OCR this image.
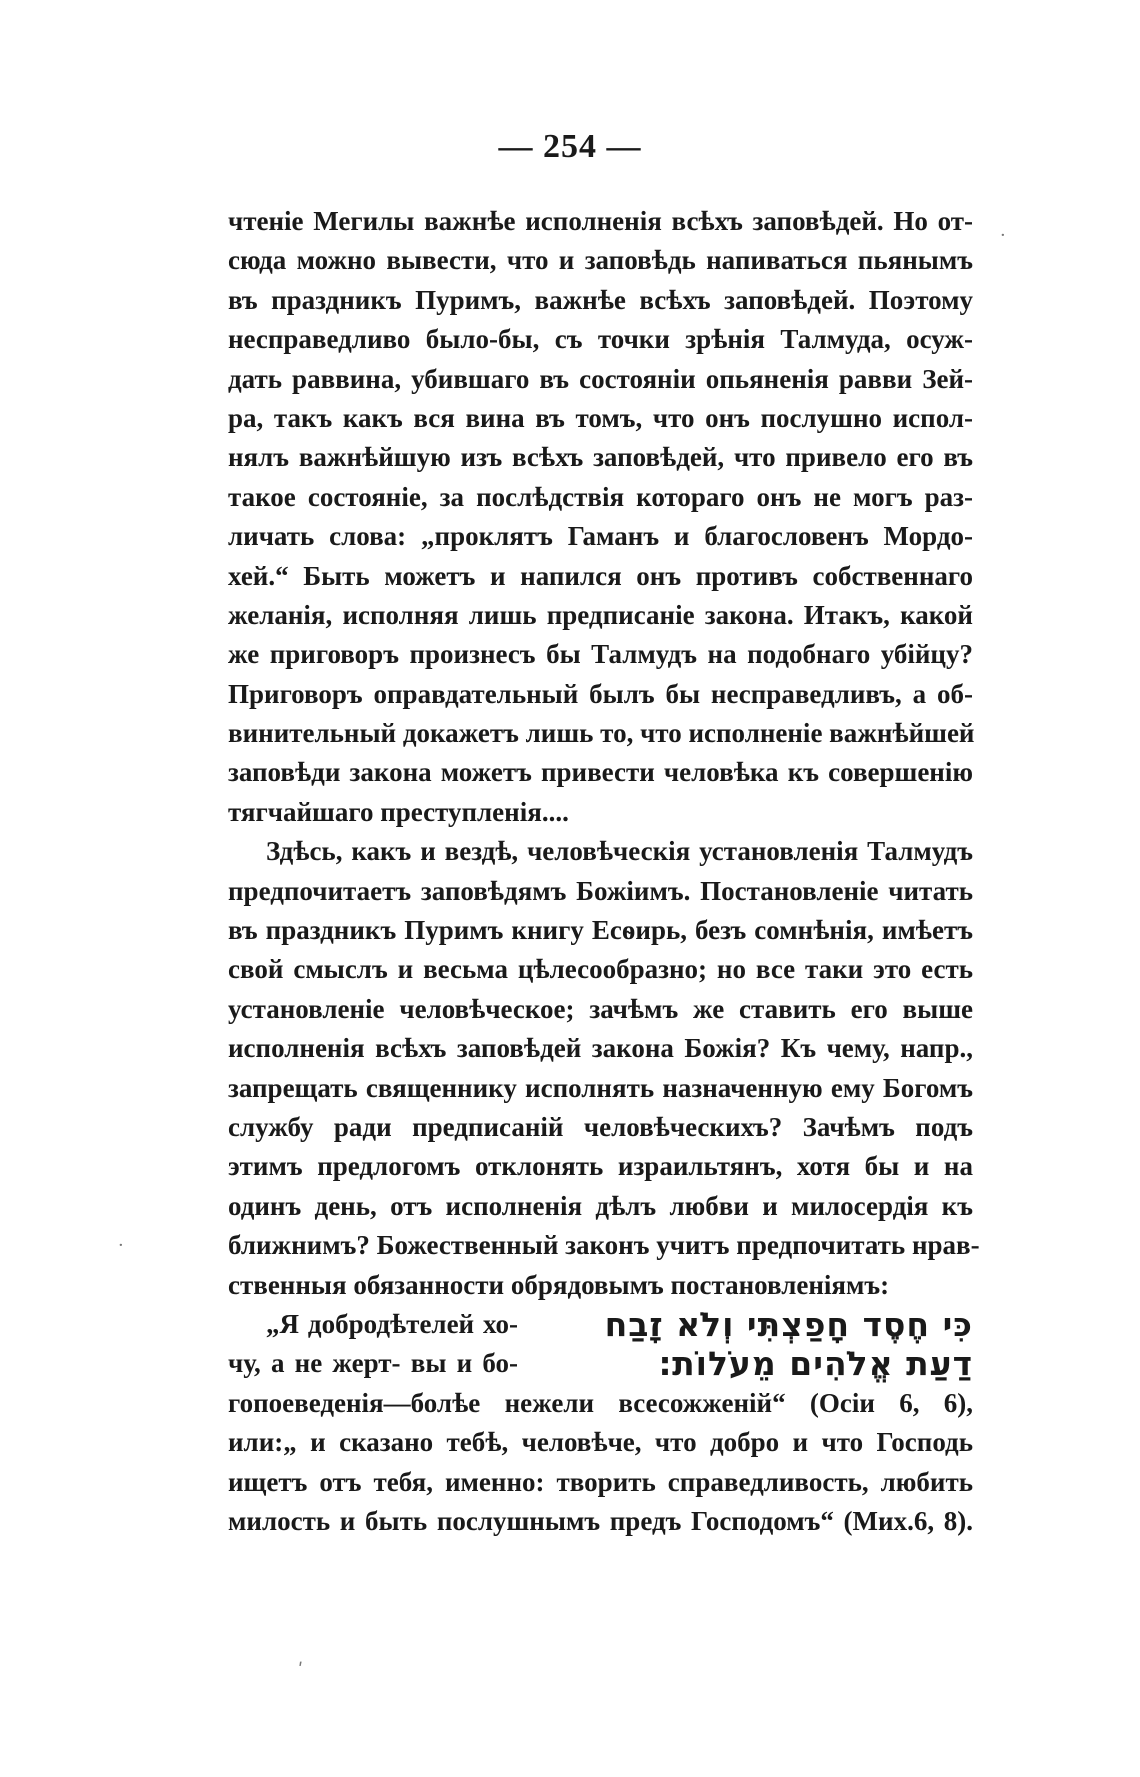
— 254 —
чтеніе Мегилы важнѣе исполненія всѣхъ заповѣдей. Но от-
сюда можно вывести, что и заповѣдь напиваться пьянымъ
въ праздникъ Пуримъ, важнѣе всѣхъ заповѣдей. Поэтому
несправедливо было-бы, съ точки зрѣнія Талмуда, осуж-
дать раввина, убившаго въ состояніи опьяненія равви Зей-
ра, такъ какъ вся вина въ томъ, что онъ послушно испол-
нялъ важнѣйшую изъ всѣхъ заповѣдей, что привело его въ
такое состояніе, за послѣдствія котораго онъ не могъ раз-
личать слова: „проклятъ Гаманъ и благословенъ Мордо-
хей.“ Быть можетъ и напился онъ противъ собственнаго
желанія, исполняя лишь предписаніе закона. Итакъ, какой
же приговоръ произнесъ бы Талмудъ на подобнаго убійцу?
Приговоръ оправдательный былъ бы несправедливъ, а об-
винительный докажетъ лишь то, что исполненіе важнѣйшей
заповѣди закона можетъ привести человѣка къ совершенію
тягчайшаго преступленія....
Здѣсь, какъ и вездѣ, человѣческія установленія Талмудъ
предпочитаетъ заповѣдямъ Божіимъ. Постановленіе читать
въ праздникъ Пуримъ книгу Есѳирь, безъ сомнѣнія, имѣетъ
свой смыслъ и весьма цѣлесообразно; но все таки это есть
установленіе человѣческое; зачѣмъ же ставить его выше
исполненія всѣхъ заповѣдей закона Божія? Къ чему, напр.,
запрещать священнику исполнять назначенную ему Богомъ
службу ради предписаній человѣческихъ? Зачѣмъ подъ
этимъ предлогомъ отклонять израильтянъ, хотя бы и на
одинъ день, отъ исполненія дѣлъ любви и милосердія къ
ближнимъ? Божественный законъ учитъ предпочитать нрав-
ственныя обязанности обрядовымъ постановленіямъ:
„Я добродѣтелей хо-	כִּי חֶסֶד חָפַצְתִּי וְלֹא זָבַח
чу, а не жерт- вы и бо-	דַעַת אֱלֹהִים מֵעֹלוֹת׃
гопоеведенія—болѣе нежели всесожженій“ (Осіи 6, 6),
или:„ и сказано тебѣ, человѣче, что добро и что Господь
ищетъ отъ тебя, именно: творить справедливость, любить
милость и быть послушнымъ предъ Господомъ“ (Мих.6, 8).
·
·
ʹ
